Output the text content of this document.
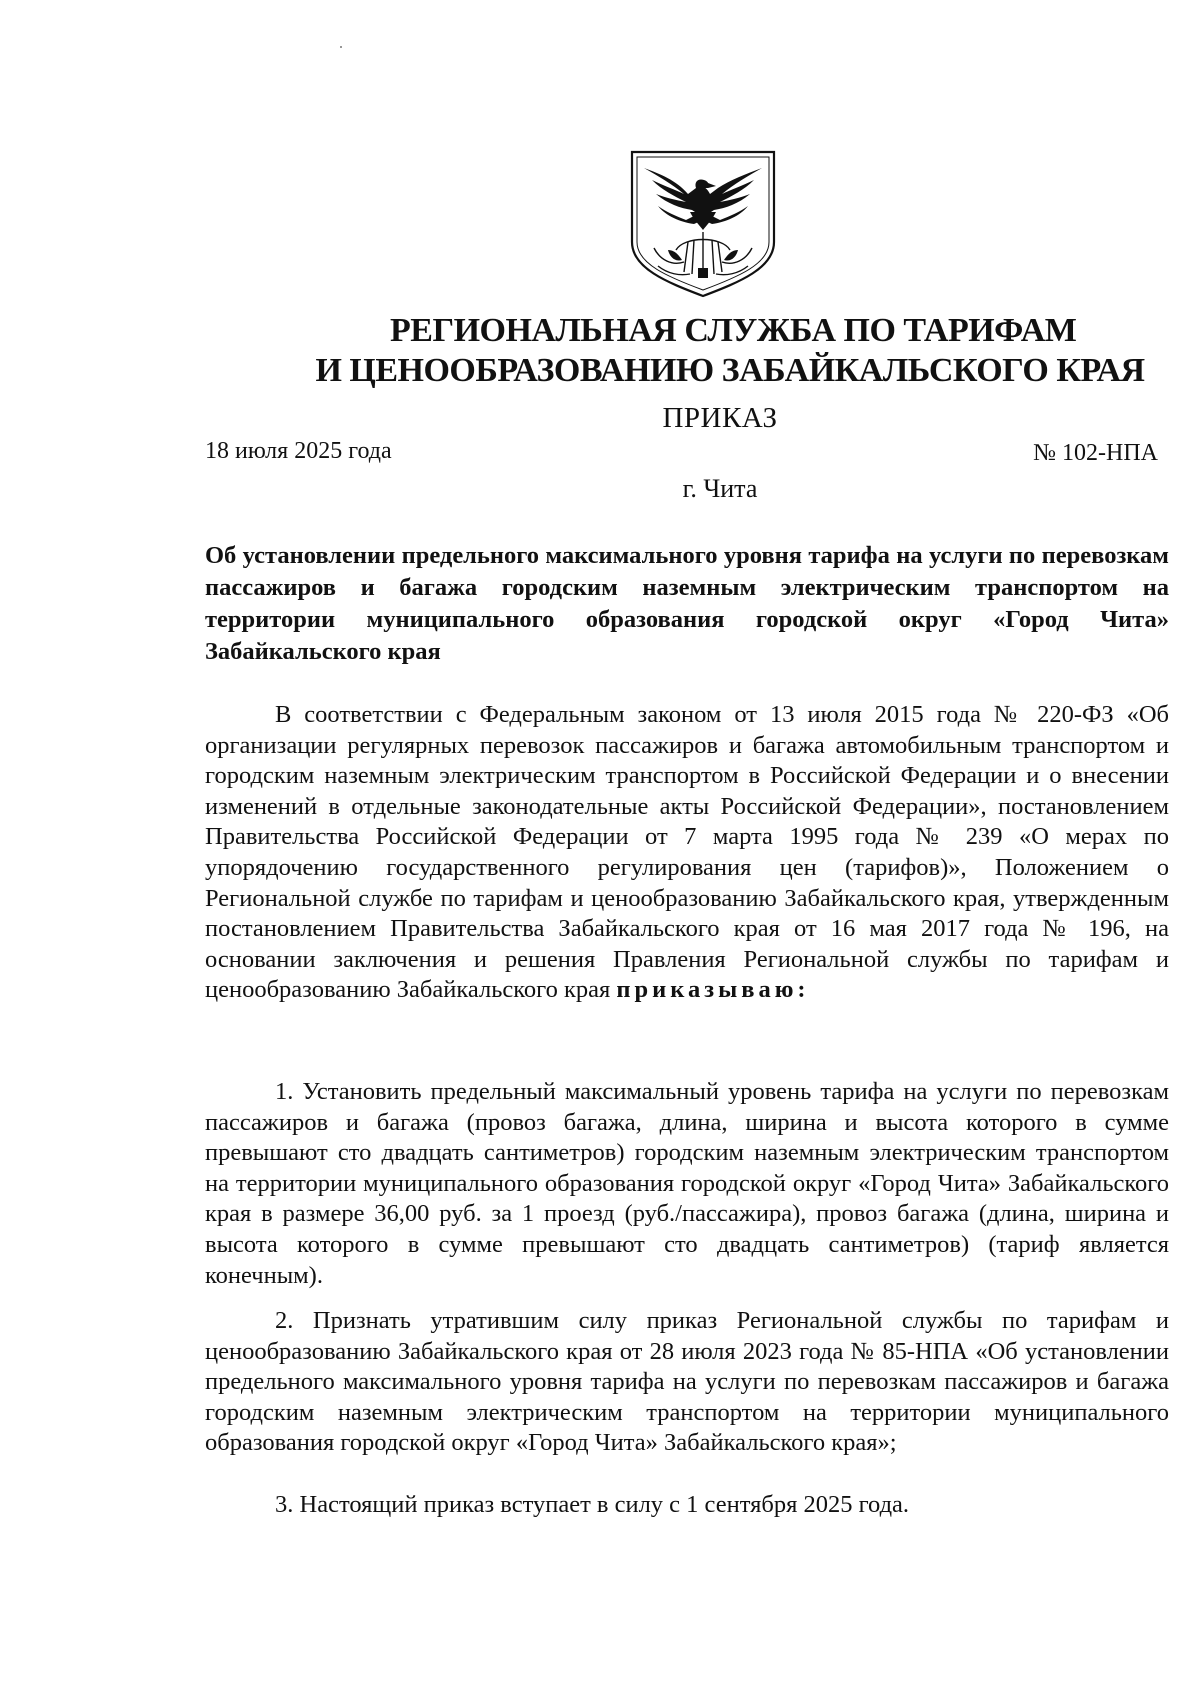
РЕГИОНАЛЬНАЯ СЛУЖБА ПО ТАРИФАМ
И ЦЕНООБРАЗОВАНИЮ ЗАБАЙКАЛЬСКОГО КРАЯ
ПРИКАЗ
18 июля 2025 года	№ 102-НПА
г. Чита
Об установлении предельного максимального уровня тарифа на услуги по перевозкам пассажиров и багажа городским наземным электрическим транспортом на территории муниципального образования городской округ «Город Чита» Забайкальского края
В соответствии с Федеральным законом от 13 июля 2015 года № 220-ФЗ «Об организации регулярных перевозок пассажиров и багажа автомобильным транспортом и городским наземным электрическим транспортом в Российской Федерации и о внесении изменений в отдельные законодательные акты Российской Федерации», постановлением Правительства Российской Федерации от 7 марта 1995 года № 239 «О мерах по упорядочению государственного регулирования цен (тарифов)», Положением о Региональной службе по тарифам и ценообразованию Забайкальского края, утвержденным постановлением Правительства Забайкальского края от 16 мая 2017 года № 196, на основании заключения и решения Правления Региональной службы по тарифам и ценообразованию Забайкальского края приказываю:
1. Установить предельный максимальный уровень тарифа на услуги по перевозкам пассажиров и багажа (провоз багажа, длина, ширина и высота которого в сумме превышают сто двадцать сантиметров) городским наземным электрическим транспортом на территории муниципального образования городской округ «Город Чита» Забайкальского края в размере 36,00 руб. за 1 проезд (руб./пассажира), провоз багажа (длина, ширина и высота которого в сумме превышают сто двадцать сантиметров) (тариф является конечным).
2. Признать утратившим силу приказ Региональной службы по тарифам и ценообразованию Забайкальского края от 28 июля 2023 года № 85-НПА «Об установлении предельного максимального уровня тарифа на услуги по перевозкам пассажиров и багажа городским наземным электрическим транспортом на территории муниципального образования городской округ «Город Чита» Забайкальского края»;
3. Настоящий приказ вступает в силу с 1 сентября 2025 года.
